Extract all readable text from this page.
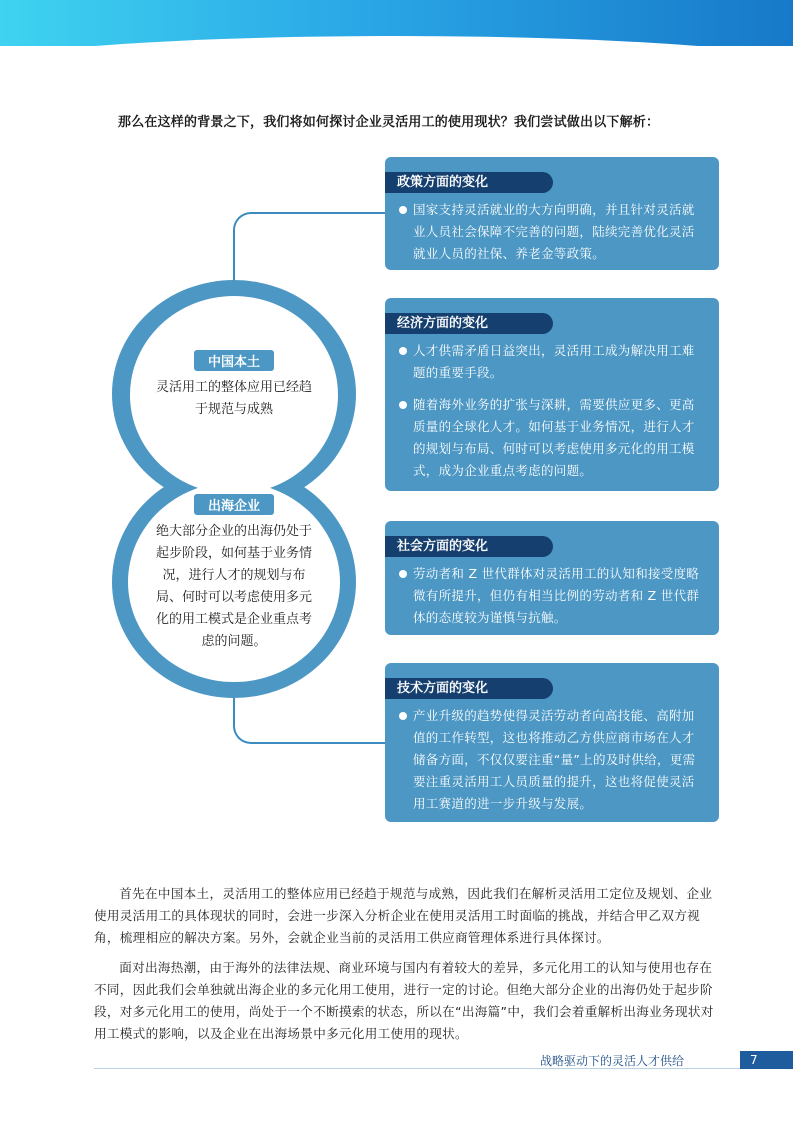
那么在这样的背景之下，我们将如何探讨企业灵活用工的使用现状？我们尝试做出以下解析：
中国本土
灵活用工的整体应用已经趋于规范与成熟
出海企业
绝大部分企业的出海仍处于起步阶段，如何基于业务情况，进行人才的规划与布局、何时可以考虑使用多元化的用工模式是企业重点考虑的问题。
政策方面的变化
国家支持灵活就业的大方向明确，并且针对灵活就业人员社会保障不完善的问题，陆续完善优化灵活就业人员的社保、养老金等政策。
经济方面的变化
人才供需矛盾日益突出，灵活用工成为解决用工难题的重要手段。
随着海外业务的扩张与深耕，需要供应更多、更高质量的全球化人才。如何基于业务情况，进行人才的规划与布局、何时可以考虑使用多元化的用工模式，成为企业重点考虑的问题。
社会方面的变化
劳动者和 Z 世代群体对灵活用工的认知和接受度略微有所提升，但仍有相当比例的劳动者和 Z 世代群体的态度较为谨慎与抗触。
技术方面的变化
产业升级的趋势使得灵活劳动者向高技能、高附加值的工作转型，这也将推动乙方供应商市场在人才储备方面，不仅仅要注重“量”上的及时供给，更需要注重灵活用工人员质量的提升，这也将促使灵活用工赛道的进一步升级与发展。

首先在中国本土，灵活用工的整体应用已经趋于规范与成熟，因此我们在解析灵活用工定位及规划、企业使用灵活用工的具体现状的同时，会进一步深入分析企业在使用灵活用工时面临的挑战，并结合甲乙双方视角，梳理相应的解决方案。另外，会就企业当前的灵活用工供应商管理体系进行具体探讨。

面对出海热潮，由于海外的法律法规、商业环境与国内有着较大的差异，多元化用工的认知与使用也存在不同，因此我们会单独就出海企业的多元化用工使用，进行一定的讨论。但绝大部分企业的出海仍处于起步阶段，对多元化用工的使用，尚处于一个不断摸索的状态，所以在“出海篇”中，我们会着重解析出海业务现状对用工模式的影响，以及企业在出海场景中多元化用工使用的现状。

战略驱动下的灵活人才供给	7
